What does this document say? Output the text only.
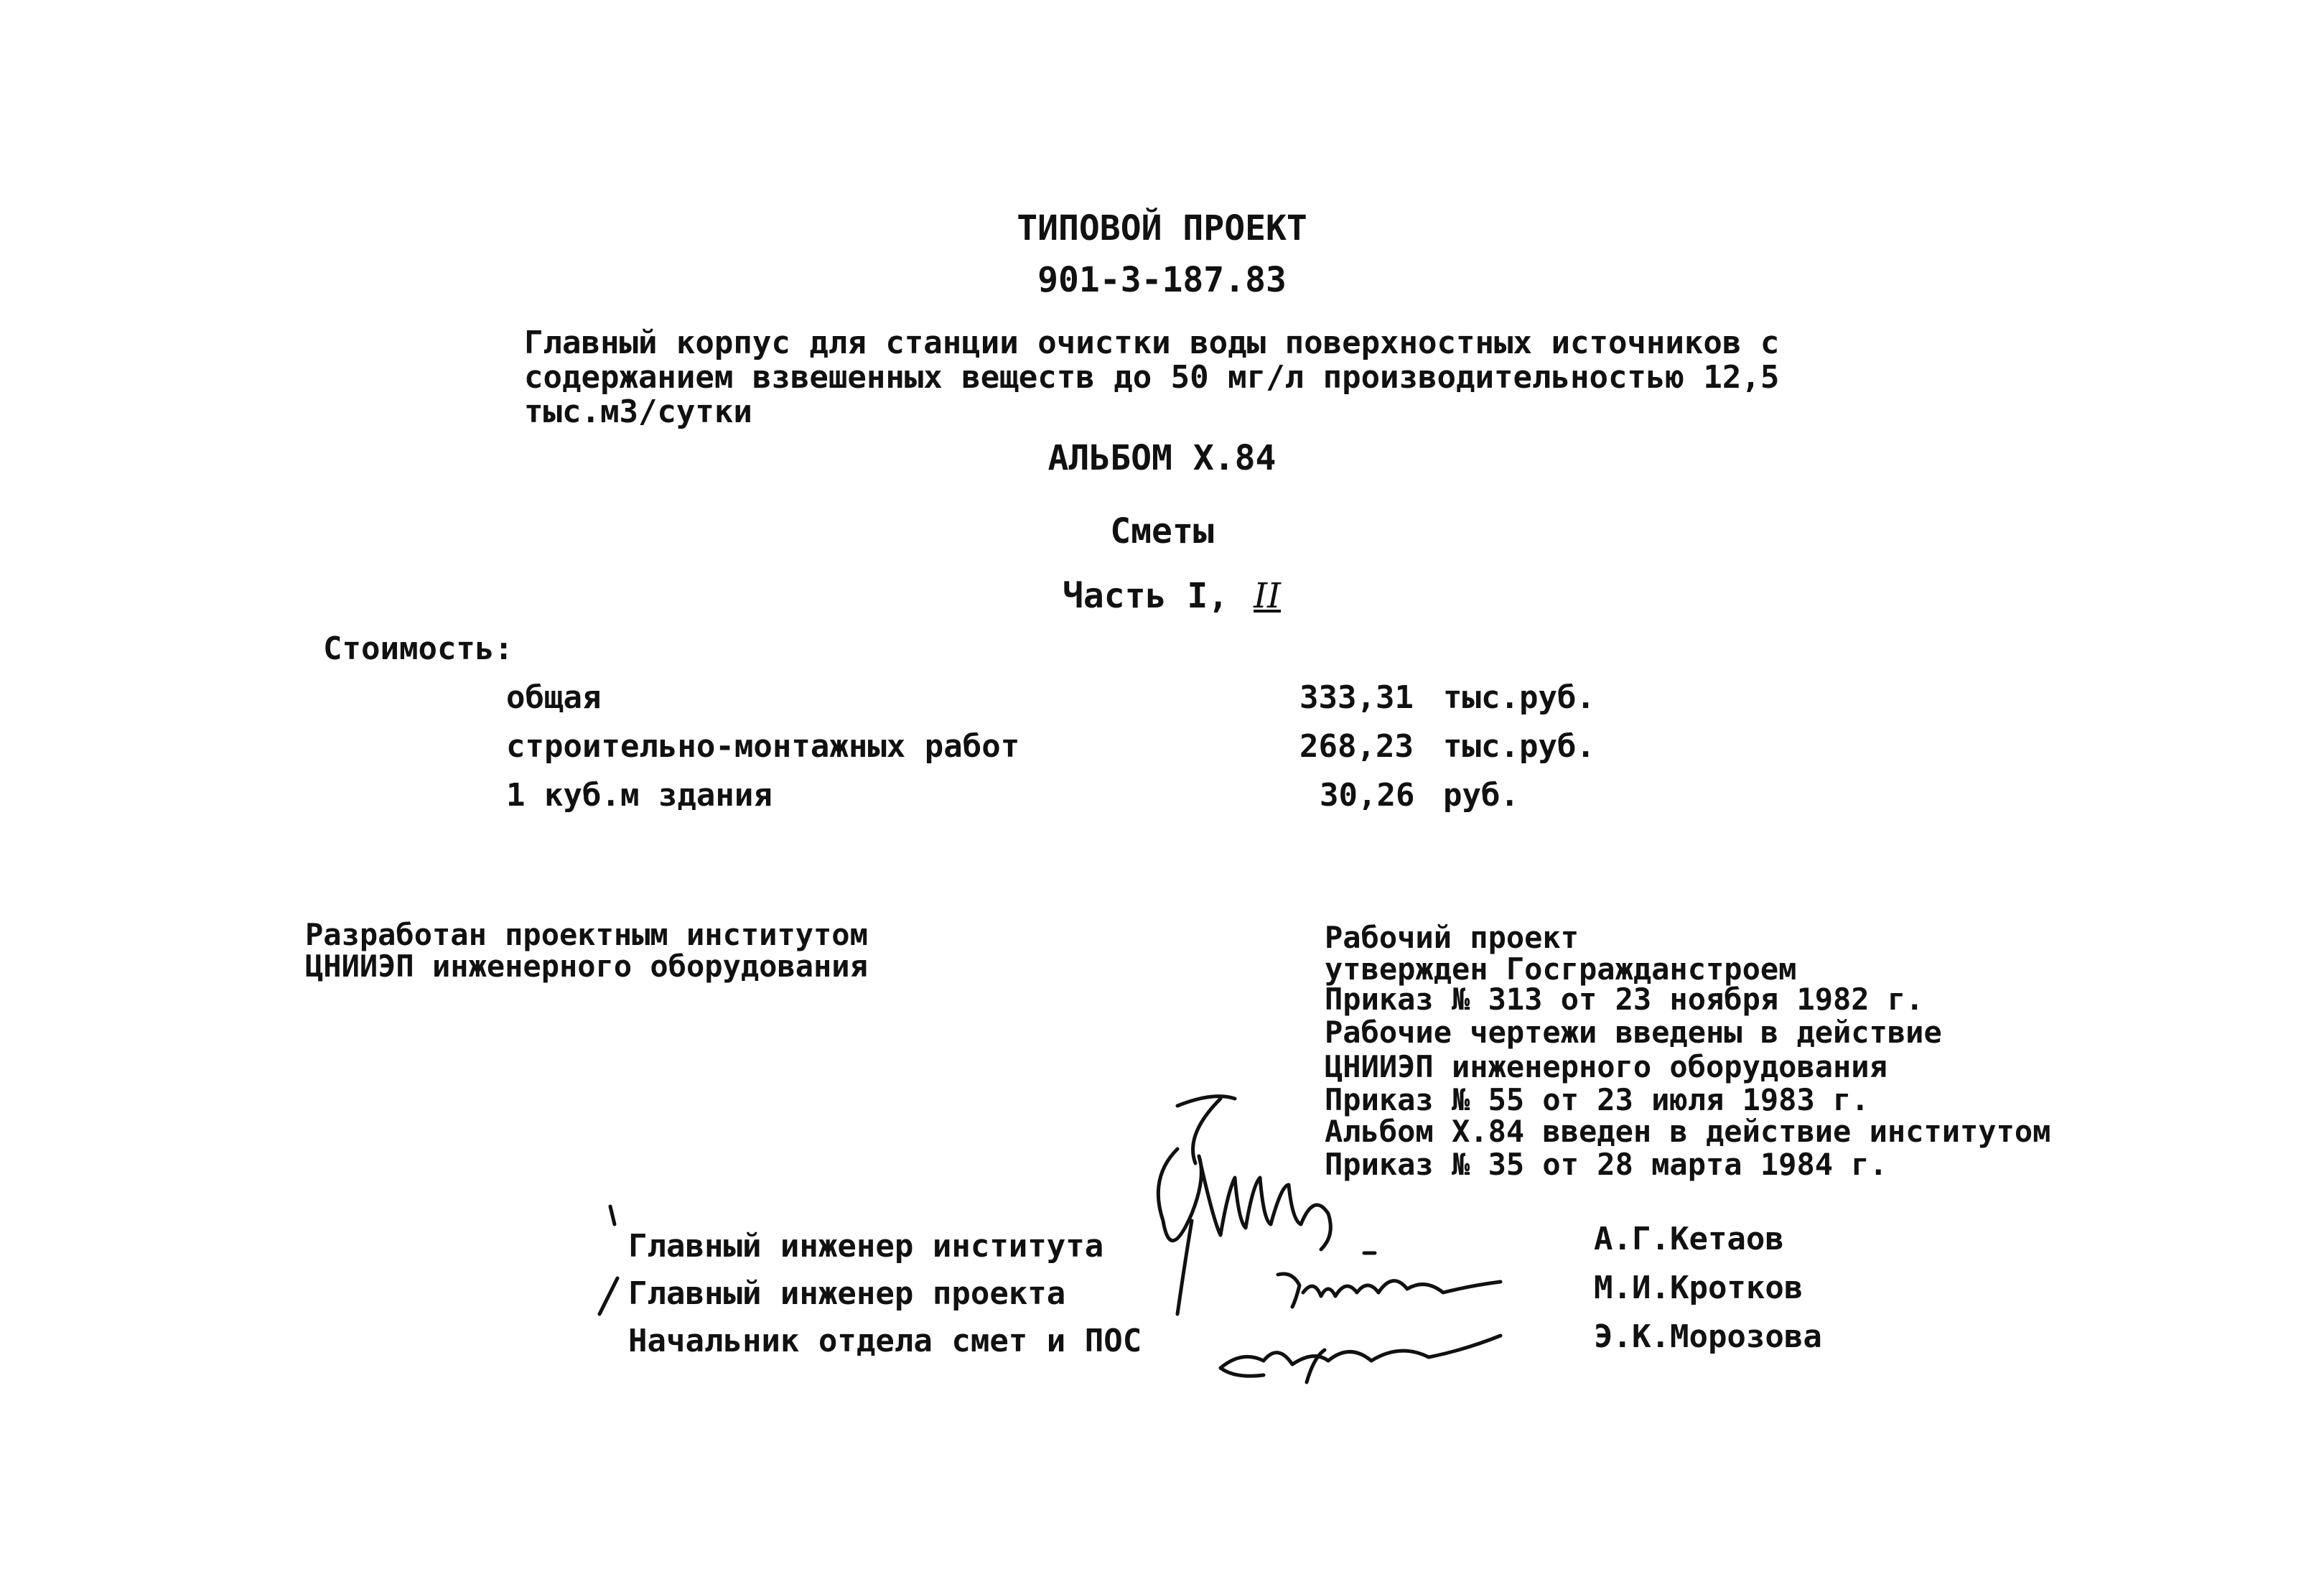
ТИПОВОЙ ПРОЕКТ
901-3-187.83
Главный корпус для станции очистки воды поверхностных источников с
содержанием взвешенных веществ до 50 мг/л производительностью 12,5
тыс.м3/сутки
АЛЬБОМ X.84
Сметы
Часть I, II
Стоимость:
общая	333,31 тыс.руб.
строительно-монтажных работ	268,23 тыс.руб.
1 куб.м здания	30,26 руб.
Разработан проектным институтом
ЦНИИЭП инженерного оборудования
Рабочий проект
утвержден Госгражданстроем
Приказ № 313 от 23 ноября 1982 г.
Рабочие чертежи введены в действие
ЦНИИЭП инженерного оборудования
Приказ № 55 от 23 июля 1983 г.
Альбом X.84 введен в действие институтом
Приказ № 35 от 28 марта 1984 г.
Главный инженер института	А.Г.Кетаов
Главный инженер проекта	М.И.Кротков
Начальник отдела смет и ПОС	Э.К.Морозова
